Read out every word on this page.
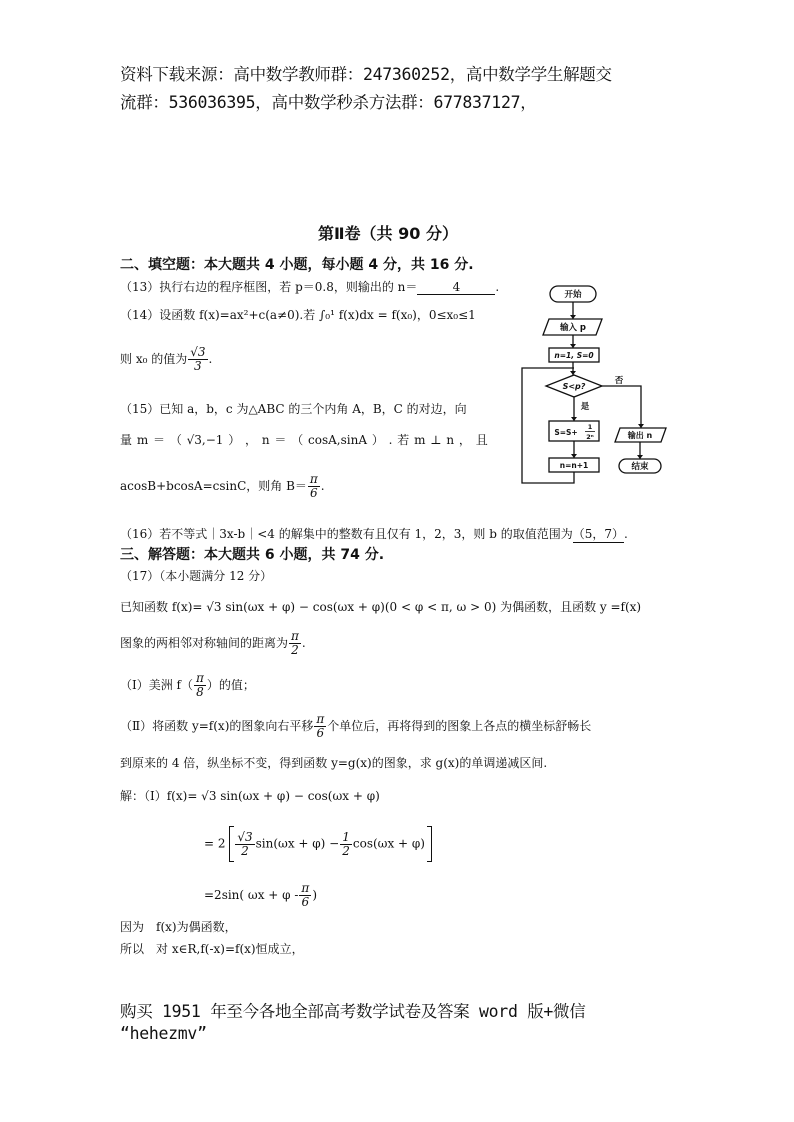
资料下载来源：高中数学教师群：247360252，高中数学学生解题交
流群：536036395，高中数学秒杀方法群：677837127，
第Ⅱ卷（共 90 分）
二、填空题：本大题共 4 小题，每小题 4 分，共 16 分.
（13）执行右边的程序框图，若 p＝0.8，则输出的 n＝	4	.
（14）设函数 f(x)=ax²+c(a≠0).若 ∫₀¹ f(x)dx = f(x₀)，0≤x₀≤1
则 x₀ 的值为 $\frac{√3}{3}$ .
（15）已知 a，b，c 为△ABC 的三个内角 A，B，C 的对边，向
量 m ＝ （ √3,−1 ） ， n ＝ （ cosA,sinA ） . 若 m ⊥ n ， 且
acosB+bcosA=csinC，则角 $B= \frac{\pi}{6}$ .
（16）若不等式｜3x-b｜<4 的解集中的整数有且仅有 1，2，3，则 b 的取值范围为（5，7）.
开始
输入 p
n=1, S=0
S<p?
否
是
S=S+
1
2ⁿ
n=n+1
输出 n
结束
三、解答题：本大题共 6 小题，共 74 分.
（17）（本小题满分 12 分）
已知函数 f(x)= √3 sin(ωx + φ) − cos(ωx + φ)(0 < φ < π, ω > 0) 为偶函数，且函数 y =f(x)
图象的两相邻对称轴间的距离为 $\frac{\pi}{2}$ .
（Ⅰ）美洲 $f( \frac{\pi}{8}$ ）的值；
（Ⅱ）将函数 y=f(x)的图象向右平移 $\frac{\pi}{6}$ 个单位后，再将得到的图象上各点的横坐标舒畅长
到原来的 4 倍，纵坐标不变，得到函数 y=g(x)的图象，求 g(x)的单调递减区间.
解：（Ⅰ）f(x)= √3 sin(ωx + φ) − cos(ωx + φ)
= $2 \frac{√3}{2} \sin(\omega x + \varphi) - \frac{1}{2} \cos(\omega x + \varphi)$
=2sin( $\omega x + \varphi - \frac{\pi}{6}$ )
因为　f(x)为偶函数，
所以　对 x∈R,f(-x)=f(x)恒成立，
购买 1951 年至今各地全部高考数学试卷及答案 word 版+微信
“hehezmv”
